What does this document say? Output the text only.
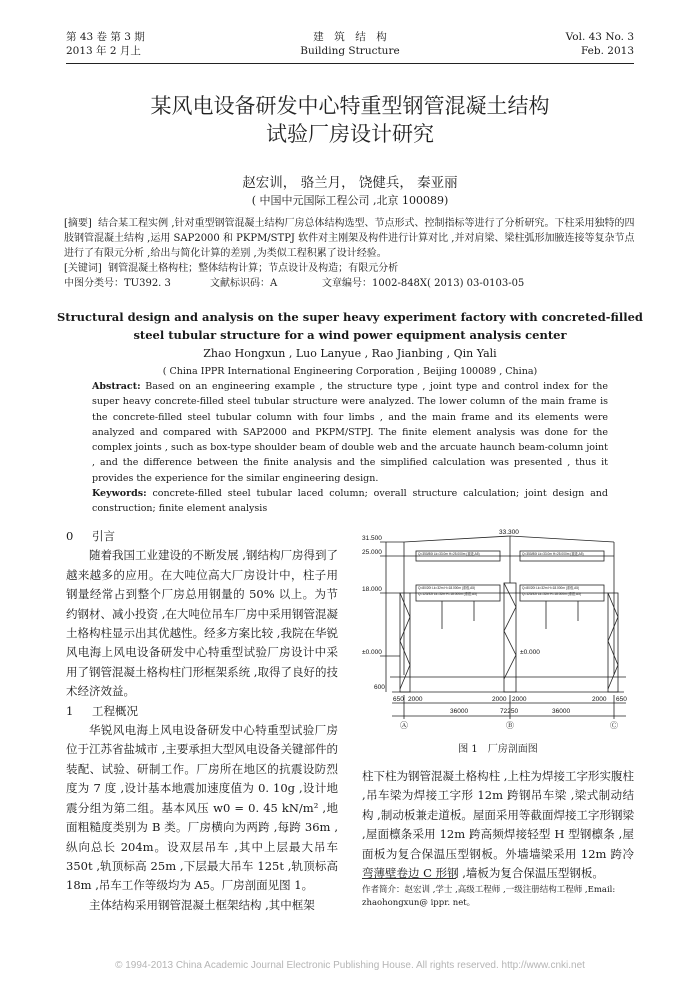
第 43 卷 第 3 期
2013 年 2 月上
建　筑　结　构
Building Structure
Vol. 43 No. 3
Feb. 2013
某风电设备研发中心特重型钢管混凝土结构
试验厂房设计研究
赵宏训， 骆兰月， 饶健兵， 秦亚丽
( 中国中元国际工程公司 ,北京 100089)

[摘要] 结合某工程实例 ,针对重型钢管混凝土结构厂房总体结构选型、节点形式、控制指标等进行了分析研究。下柱采用独特的四肢钢管混凝土结构 ,运用 SAP2000 和 PKPM/STPJ 软件对主刚架及构件进行计算对比 ,并对肩梁、梁柱弧形加腋连接等复杂节点进行了有限元分析 ,给出与简化计算的差别 ,为类似工程积累了设计经验。

[关键词] 钢管混凝土格构柱；整体结构计算；节点设计及构造；有限元分析

中图分类号：TU392. 3	文献标识码：A	文章编号：1002-848X( 2013) 03-0103-05

Structural design and analysis on the super heavy experiment factory with concreted-filled
steel tubular structure for a wind power equipment analysis center
Zhao Hongxun , Luo Lanyue , Rao Jianbing , Qin Yali
( China IPPR International Engineering Corporation , Beijing 100089 , China)

Abstract: Based on an engineering example , the structure type , joint type and control index for the super heavy concrete-filled steel tubular structure were analyzed. The lower column of the main frame is the concrete-filled steel tubular column with four limbs , and the main frame and its elements were analyzed and compared with SAP2000 and PKPM/STPJ. The finite element analysis was done for the complex joints , such as box-type shoulder beam of double web and the arcuate haunch beam-column joint , and the difference between the finite analysis and the simplified calculation was presented , thus it provides the experience for the similar engineering design.

Keywords: concrete-filled steel tubular laced column; overall structure calculation; joint design and construction; finite element analysis

0 引言

随着我国工业建设的不断发展 ,钢结构厂房得到了越来越多的应用。在大吨位高大厂房设计中，柱子用钢量经常占到整个厂房总用钢量的 50% 以上。为节约钢材、减小投资 ,在大吨位吊车厂房中采用钢管混凝土格构柱显示出其优越性。经多方案比较 ,我院在华锐风电海上风电设备研发中心特重型试验厂房设计中采用了钢管混凝土格构柱门形框架系统 ,取得了良好的技术经济效益。

1 工程概况

华锐风电海上风电设备研发中心特重型试验厂房位于江苏省盐城市 ,主要承担大型风电设备关键部件的装配、试验、研制工作。厂房所在地区的抗震设防烈度为 7 度 ,设计基本地震加速度值为 0. 10g ,设计地震分组为第二组。基本风压 w0 = 0. 45 kN/m² ,地面粗糙度类别为 B 类。厂房横向为两跨 ,每跨 36m ,纵向总长 204m。设双层吊车 ,其中上层最大吊车 350t ,轨顶标高 25m ,下层最大吊车 125t ,轨顶标高 18m ,吊车工作等级均为 A5。厂房剖面见图 1。

主体结构采用钢管混凝土框架结构 ,其中框架

33.300
31.500
25.000
18.000
±0.000
600
±0.000
650 2000
36000
2000 2000
36000
2000 650
72250
Ⓐ	Ⓑ	Ⓒ
Q=350/80t Lk=33.0m H=25.000m (重级,A5)	Q=350/80t Lk=33.0m H=25.000m (重级,A5)
Q=80/20t Lk=32m H=18.000m (重级,A5)
Q=125/32t Lk=32m H=18.000m (重级,A5)
Q=80/20t Lk=32m H=18.000m (重级,A5)
Q=125/32t Lk=32m H=18.000m (重级,A5)
图 1　厂房剖面图

柱下柱为钢管混凝土格构柱 ,上柱为焊接工字形实腹柱 ,吊车梁为焊接工字形 12m 跨钢吊车梁 ,梁式制动结构 ,制动板兼走道板。屋面采用等截面焊接工字形钢梁 ,屋面檩条采用 12m 跨高频焊接轻型 H 型钢檩条 ,屋面板为复合保温压型钢板。外墙墙梁采用 12m 跨冷弯薄壁卷边 C 形钢 ,墙板为复合保温压型钢板。

作者简介：赵宏训 ,学士 ,高级工程师 ,一级注册结构工程师 ,Email: zhaohongxun@ ippr. net。

© 1994-2013 China Academic Journal Electronic Publishing House. All rights reserved. http://www.cnki.net
